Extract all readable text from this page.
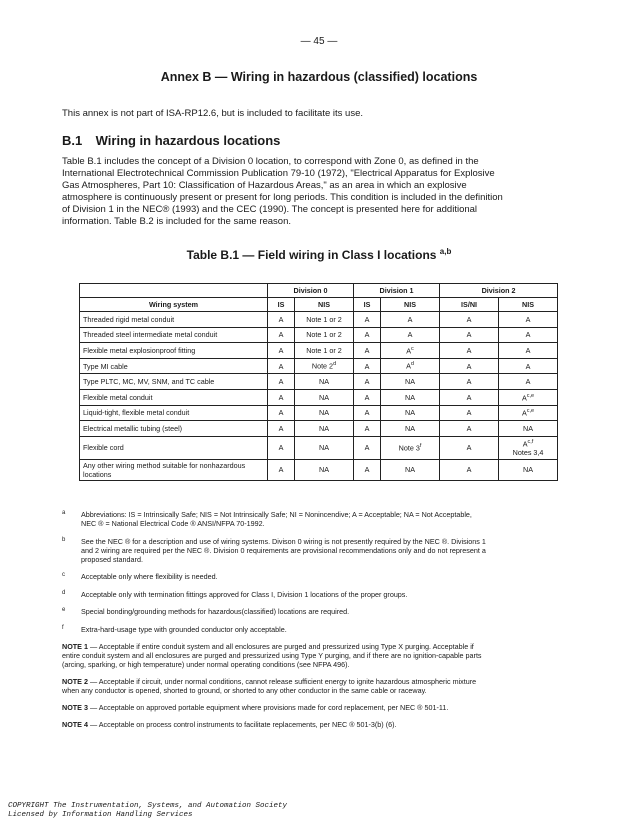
— 45 —
Annex B — Wiring in hazardous (classified) locations
This annex is not part of ISA-RP12.6, but is included to facilitate its use.
B.1 Wiring in hazardous locations
Table B.1 includes the concept of a Division 0 location, to correspond with Zone 0, as defined in the
International Electrotechnical Commission Publication 79-10 (1972), "Electrical Apparatus for Explosive
Gas Atmospheres, Part 10: Classification of Hazardous Areas," as an area in which an explosive
atmosphere is continuously present or present for long periods. This condition is included in the definition
of Division 1 in the NEC® (1993) and the CEC (1990). The concept is presented here for additional
information. Table B.2 is included for the same reason.
Table B.1 — Field wiring in Class I locations $^{a,b}$
	Division 0		Division 1		Division 2	
Wiring system	IS	NIS	IS	NIS	IS/NI	NIS
Threaded rigid metal conduit	A	Note 1 or 2	A	A	A	A
Threaded steel intermediate metal conduit	A	Note 1 or 2	A	A	A	A
Flexible metal explosionproof fitting	A	Note 1 or 2	A	$A^c$	A	A
Type MI cable	A	Note 2$^d$	A	$A^d$	A	A
Type PLTC, MC, MV, SNM, and TC cable	A	NA	A	NA	A	A
Flexible metal conduit	A	NA	A	NA	A	A$^{c,e}$
Liquid-tight, flexible metal conduit	A	NA	A	NA	A	A$^{c,e}$
Electrical metallic tubing (steel)	A	NA	A	NA	A	NA
Flexible cord	A	NA	A	Note 3$^f$	A	A$^{c,f}$
Notes 3,4
Any other wiring method suitable for nonhazardous locations	A	NA	A	NA	A	NA
a Abbreviations: IS = Intrinsically Safe; NIS = Not Intrinsically Safe; NI = Nonincendive; A = Acceptable; NA = Not Acceptable,
NEC ® = National Electrical Code ® ANSI/NFPA 70-1992.
b See the NEC ® for a description and use of wiring systems. Divison 0 wiring is not presently required by the NEC ®. Divisions 1
and 2 wiring are required per the NEC ®. Division 0 requirements are provisional recommendations only and do not represent a
proposed standard.
c Acceptable only where flexibility is needed.
d Acceptable only with termination fittings approved for Class I, Division 1 locations of the proper groups.
e Special bonding/grounding methods for hazardous(classified) locations are required.
f Extra-hard-usage type with grounded conductor only acceptable.
NOTE 1 — Acceptable if entire conduit system and all enclosures are purged and pressurized using Type X purging. Acceptable if
entire conduit system and all enclosures are purged and pressurized using Type Y purging, and if there are no ignition-capable parts
(arcing, sparking, or high temperature) under normal operating conditions (see NFPA 496).
NOTE 2 — Acceptable if circuit, under normal conditions, cannot release sufficient energy to ignite hazardous atmospheric mixture
when any conductor is opened, shorted to ground, or shorted to any other conductor in the same cable or raceway.
NOTE 3 — Acceptable on approved portable equipment where provisions made for cord replacement, per NEC ® 501-11.
NOTE 4 — Acceptable on process control instruments to facilitate replacements, per NEC ® 501-3(b) (6).
COPYRIGHT The Instrumentation, Systems, and Automation Society
Licensed by Information Handling Services
